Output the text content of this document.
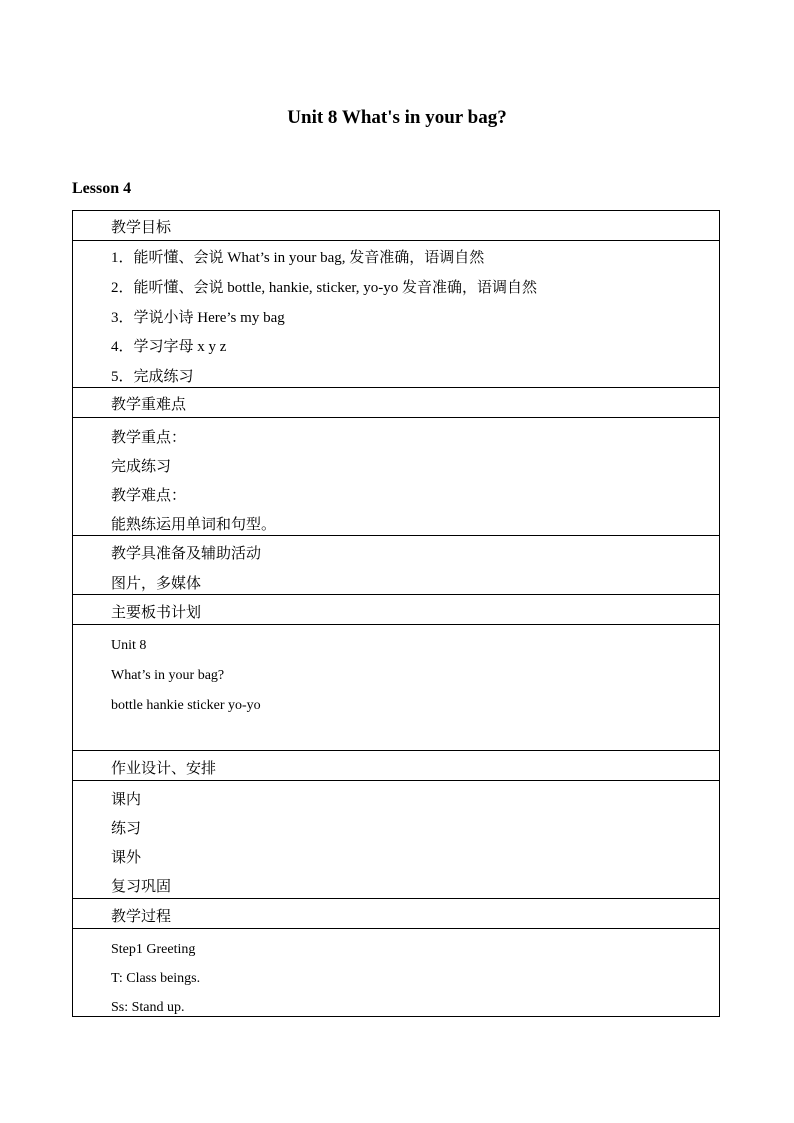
Unit 8 What's in your bag?
Lesson 4
教学目标
1．能听懂、会说 What’s in your bag, 发音准确，语调自然
2．能听懂、会说 bottle, hankie, sticker, yo-yo 发音准确，语调自然
3．学说小诗 Here’s my bag
4．学习字母 x y z
5．完成练习
教学重难点
教学重点：
完成练习
教学难点：
能熟练运用单词和句型。
教学具准备及辅助活动
图片，多媒体
主要板书计划
Unit 8
What’s in your bag?
bottle hankie sticker yo-yo
作业设计、安排
课内
练习
课外
复习巩固
教学过程
Step1 Greeting
T: Class beings.
Ss: Stand up.
